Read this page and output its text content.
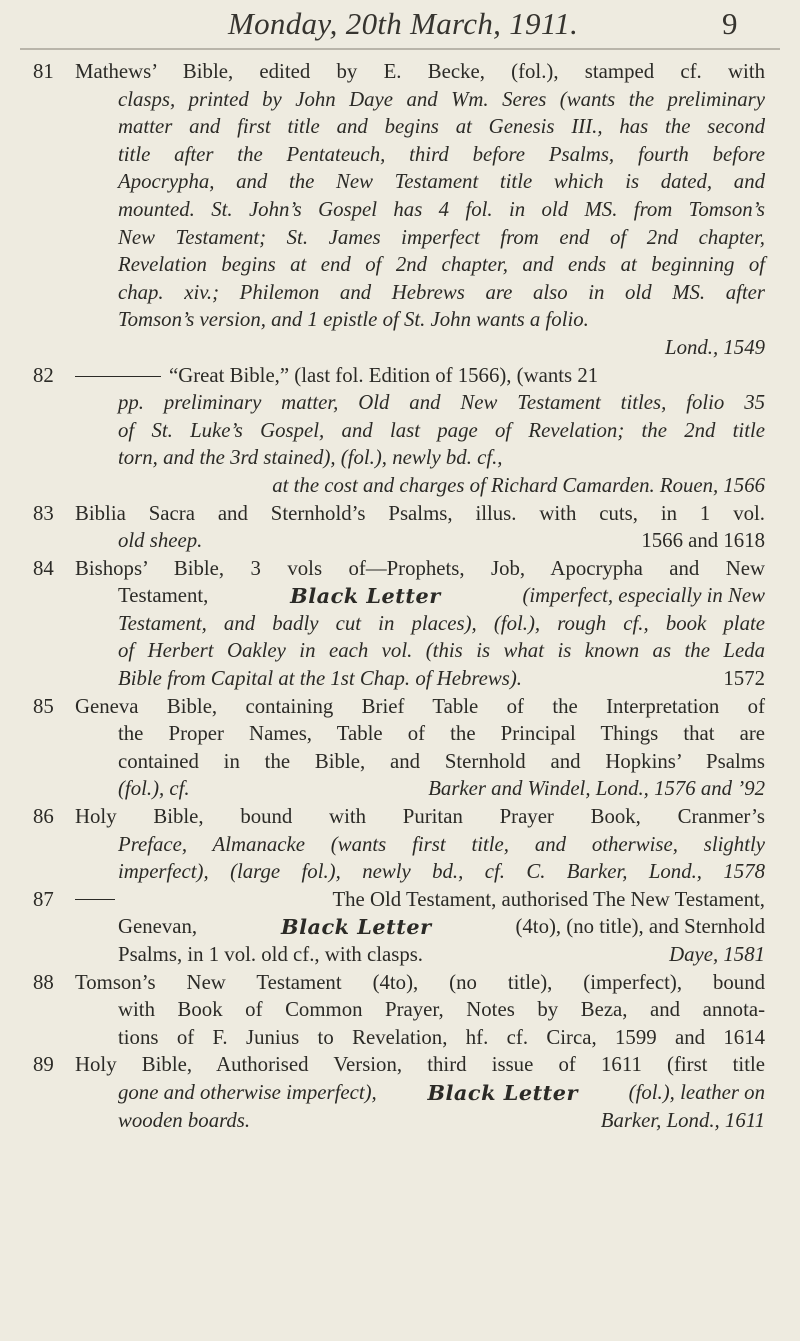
Monday, 20th March, 1911.	9
81	Mathews’ Bible, edited by E. Becke, (fol.), stamped cf. with
clasps, printed by John Daye and Wm. Seres (wants the preliminary
matter and first title and begins at Genesis III., has the second
title after the Pentateuch, third before Psalms, fourth before
Apocrypha, and the New Testament title which is dated, and
mounted. St. John’s Gospel has 4 fol. in old MS. from Tomson’s
New Testament; St. James imperfect from end of 2nd chapter,
Revelation begins at end of 2nd chapter, and ends at beginning of
chap. xiv.; Philemon and Hebrews are also in old MS. after
Tomson’s version, and 1 epistle of St. John wants a folio.
Lond., 1549
82	“Great Bible,” (last fol. Edition of 1566), (wants 21
pp. preliminary matter, Old and New Testament titles, folio 35
of St. Luke’s Gospel, and last page of Revelation; the 2nd title
torn, and the 3rd stained), (fol.), newly bd. cf.,
at the cost and charges of Richard Camarden. Rouen, 1566
83	Biblia Sacra and Sternhold’s Psalms, illus. with cuts, in 1 vol.
old sheep.	1566 and 1618
84	Bishops’ Bible, 3 vols of—Prophets, Job, Apocrypha and New
Testament,	Black Letter	(imperfect, especially in New
Testament, and badly cut in places), (fol.), rough cf., book plate
of Herbert Oakley in each vol. (this is what is known as the Leda
Bible from Capital at the 1st Chap. of Hebrews).	1572
85	Geneva Bible, containing Brief Table of the Interpretation of
the Proper Names, Table of the Principal Things that are
contained in the Bible, and Sternhold and Hopkins’ Psalms
(fol.), cf.	Barker and Windel, Lond., 1576 and ’92
86	Holy Bible, bound with Puritan Prayer Book, Cranmer’s
Preface, Almanacke (wants first title, and otherwise, slightly
imperfect), (large fol.), newly bd., cf. C. Barker, Lond., 1578
87	The Old Testament, authorised The New Testament,
Genevan,	Black Letter	(4to), (no title), and Sternhold
Psalms, in 1 vol. old cf., with clasps.	Daye, 1581
88	Tomson’s New Testament (4to), (no title), (imperfect), bound
with Book of Common Prayer, Notes by Beza, and annota-
tions of F. Junius to Revelation, hf. cf. Circa, 1599 and 1614
89	Holy Bible, Authorised Version, third issue of 1611 (first title
gone and otherwise imperfect), Black Letter (fol.), leather on
wooden boards.	Barker, Lond., 1611
